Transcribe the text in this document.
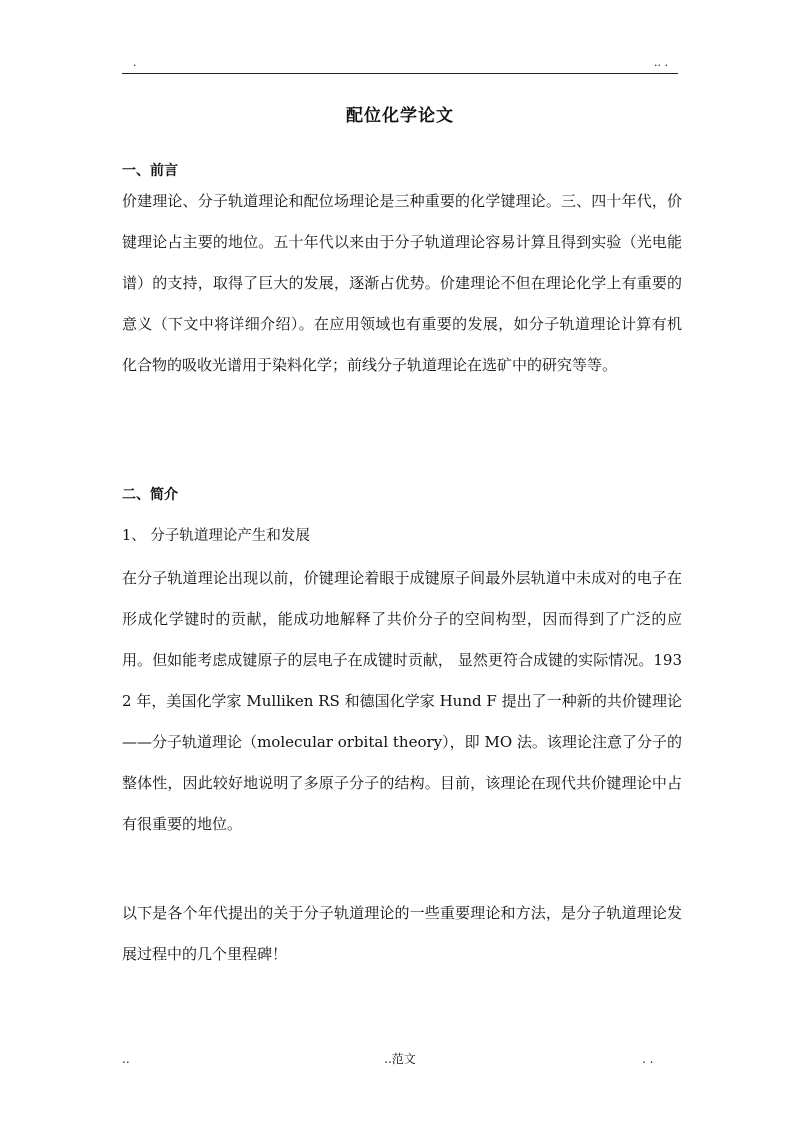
.	.. .
配位化学论文
一、前言

价建理论、分子轨道理论和配位场理论是三种重要的化学键理论。三、四十年代，价键理论占主要的地位。五十年代以来由于分子轨道理论容易计算且得到实验（光电能谱）的支持，取得了巨大的发展，逐渐占优势。价建理论不但在理论化学上有重要的意义（下文中将详细介绍）。在应用领域也有重要的发展，如分子轨道理论计算有机化合物的吸收光谱用于染料化学；前线分子轨道理论在选矿中的研究等等。

二、简介
1、 分子轨道理论产生和发展

在分子轨道理论出现以前，价键理论着眼于成键原子间最外层轨道中未成对的电子在形成化学键时的贡献，能成功地解释了共价分子的空间构型，因而得到了广泛的应用。但如能考虑成键原子的层电子在成键时贡献， 显然更符合成键的实际情况。1932 年，美国化学家 Mulliken RS 和德国化学家 Hund F 提出了一种新的共价键理论——分子轨道理论（molecular orbital theory），即 MO 法。该理论注意了分子的整体性，因此较好地说明了多原子分子的结构。目前，该理论在现代共价键理论中占有很重要的地位。

以下是各个年代提出的关于分子轨道理论的一些重要理论和方法，是分子轨道理论发展过程中的几个里程碑！

..	..范文	. .
